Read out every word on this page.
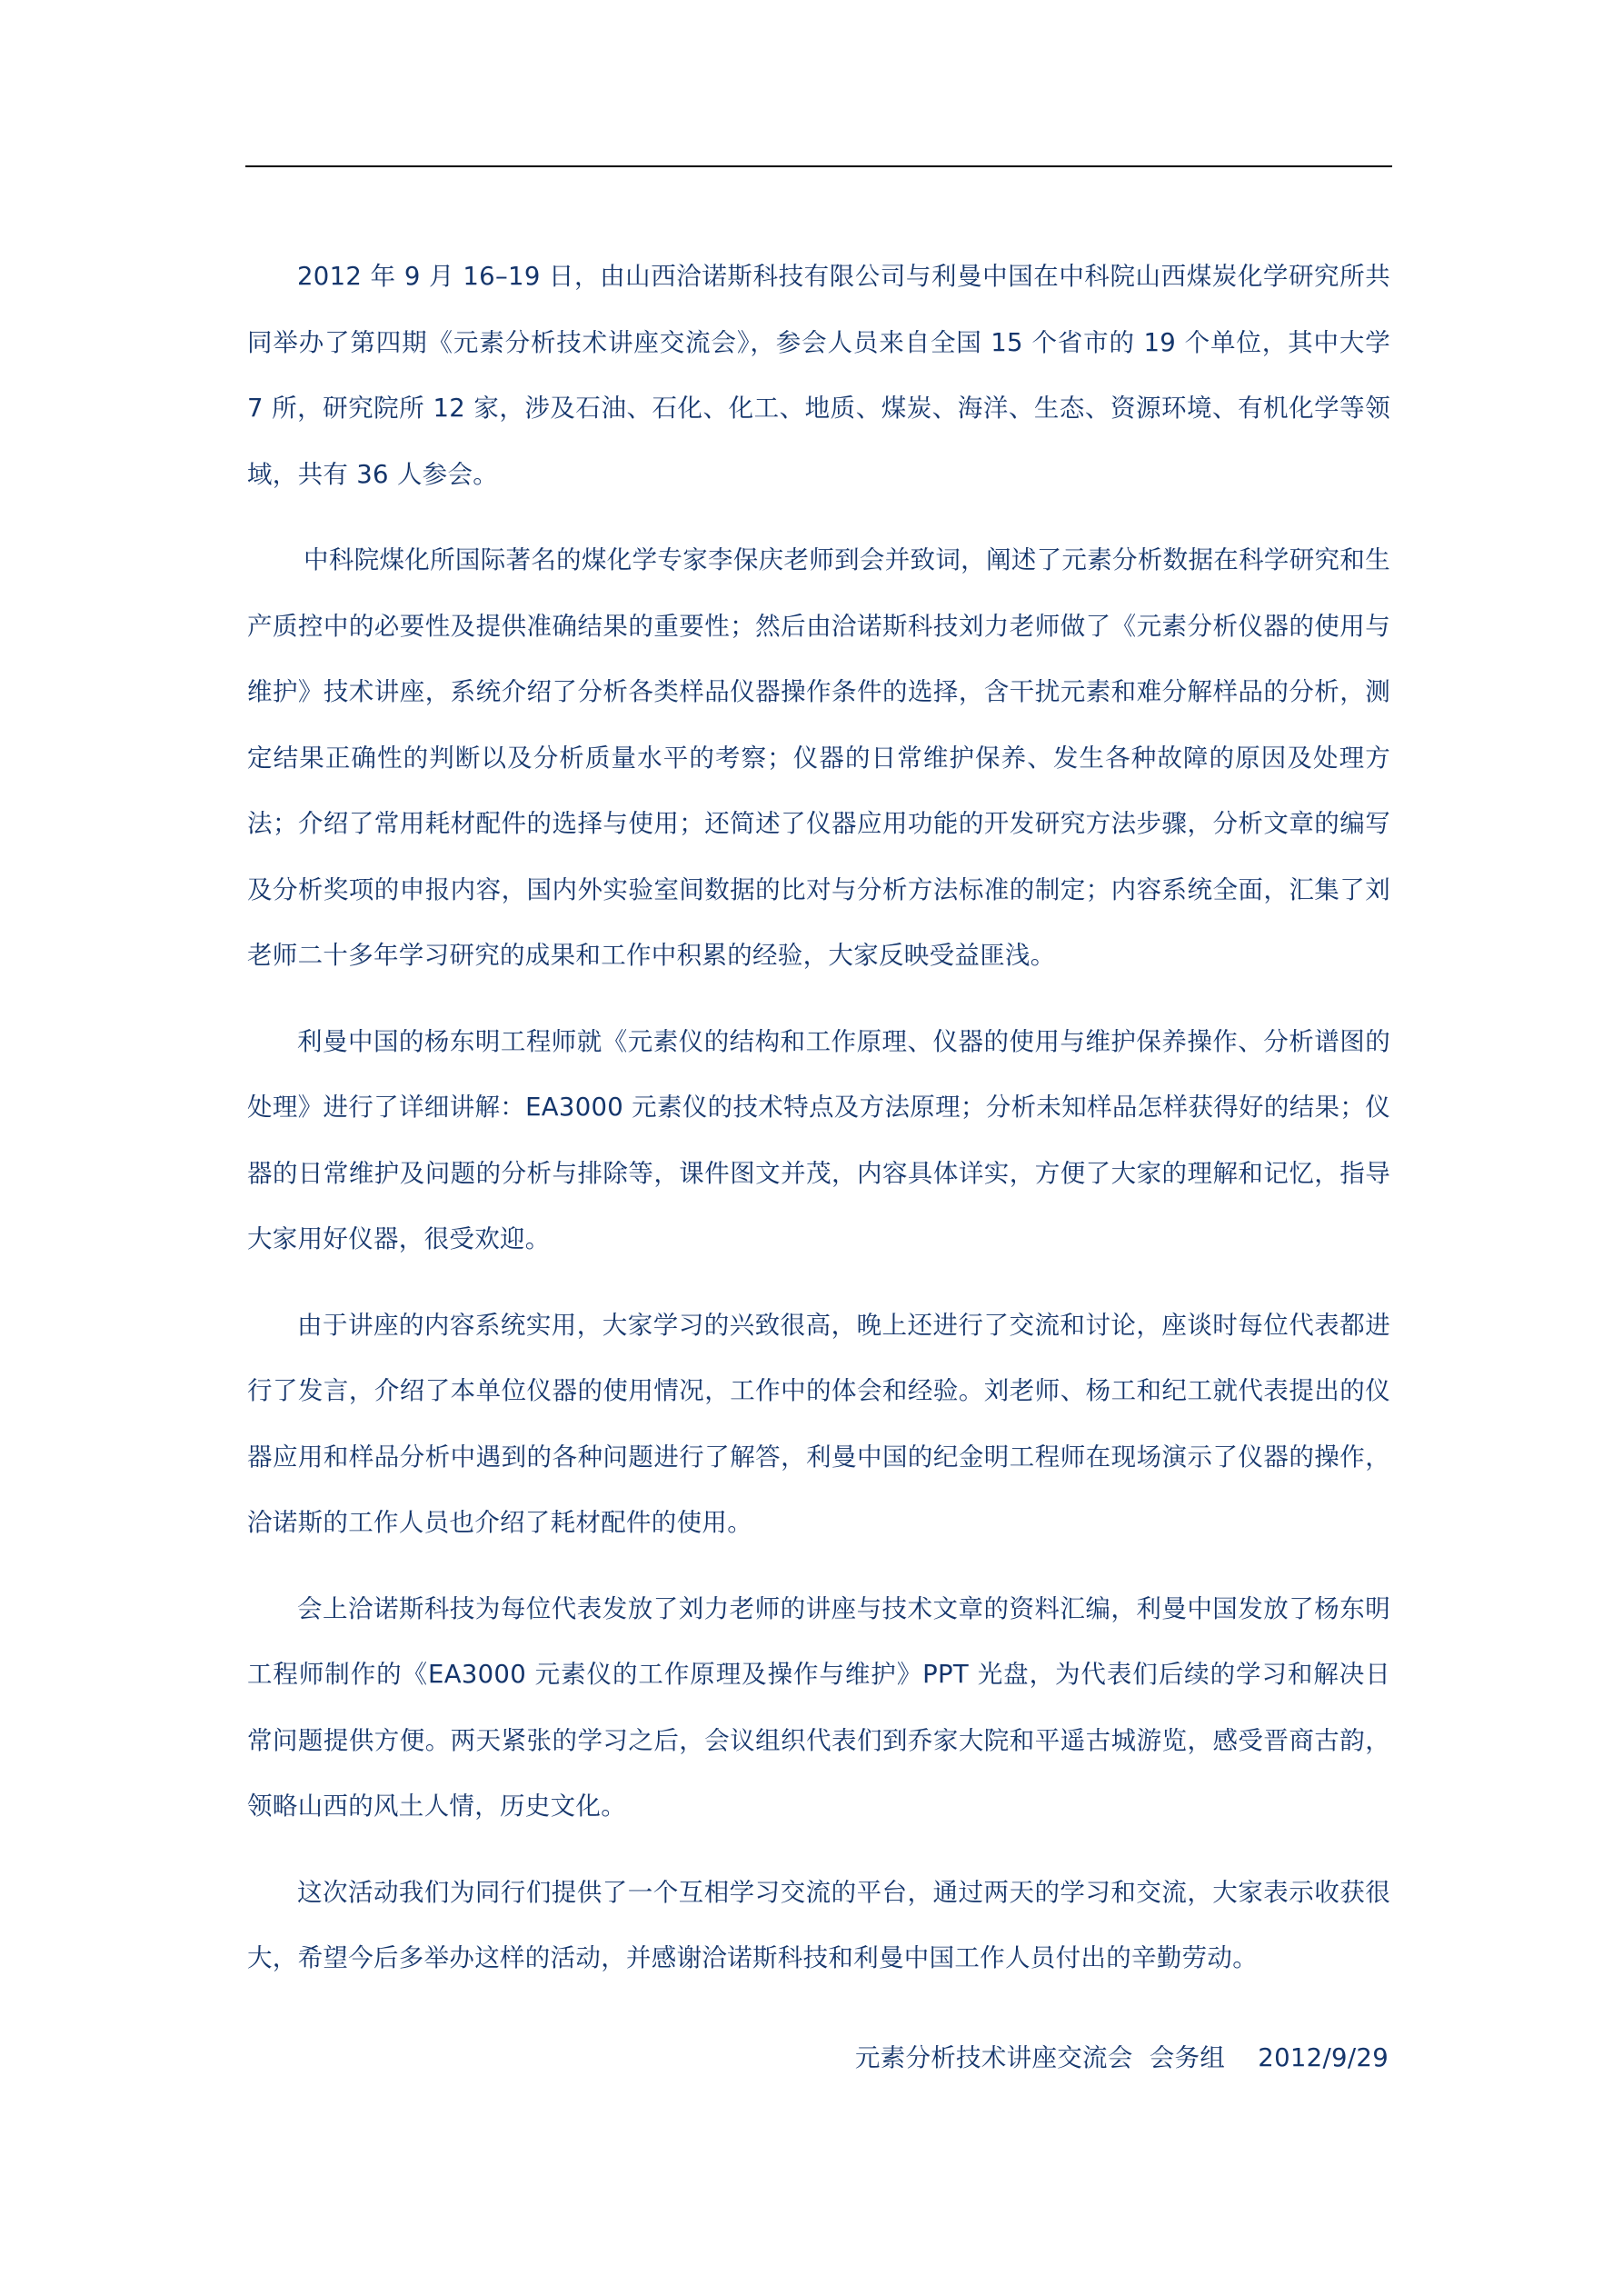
2012 年 9 月 16–19 日，由山西洽诺斯科技有限公司与利曼中国在中科院山西煤炭化学研究所共同举办了第四期《元素分析技术讲座交流会》，参会人员来自全国 15 个省市的 19 个单位，其中大学 7 所，研究院所 12 家，涉及石油、石化、化工、地质、煤炭、海洋、生态、资源环境、有机化学等领域，共有 36 人参会。

中科院煤化所国际著名的煤化学专家李保庆老师到会并致词，阐述了元素分析数据在科学研究和生产质控中的必要性及提供准确结果的重要性；然后由洽诺斯科技刘力老师做了《元素分析仪器的使用与维护》技术讲座，系统介绍了分析各类样品仪器操作条件的选择，含干扰元素和难分解样品的分析，测定结果正确性的判断以及分析质量水平的考察；仪器的日常维护保养、发生各种故障的原因及处理方法；介绍了常用耗材配件的选择与使用；还简述了仪器应用功能的开发研究方法步骤，分析文章的编写及分析奖项的申报内容，国内外实验室间数据的比对与分析方法标准的制定；内容系统全面，汇集了刘老师二十多年学习研究的成果和工作中积累的经验，大家反映受益匪浅。

利曼中国的杨东明工程师就《元素仪的结构和工作原理、仪器的使用与维护保养操作、分析谱图的处理》进行了详细讲解：EA3000 元素仪的技术特点及方法原理；分析未知样品怎样获得好的结果；仪器的日常维护及问题的分析与排除等，课件图文并茂，内容具体详实，方便了大家的理解和记忆，指导大家用好仪器，很受欢迎。

由于讲座的内容系统实用，大家学习的兴致很高，晚上还进行了交流和讨论，座谈时每位代表都进行了发言，介绍了本单位仪器的使用情况，工作中的体会和经验。刘老师、杨工和纪工就代表提出的仪器应用和样品分析中遇到的各种问题进行了解答，利曼中国的纪金明工程师在现场演示了仪器的操作，洽诺斯的工作人员也介绍了耗材配件的使用。

会上洽诺斯科技为每位代表发放了刘力老师的讲座与技术文章的资料汇编，利曼中国发放了杨东明工程师制作的《EA3000 元素仪的工作原理及操作与维护》PPT 光盘，为代表们后续的学习和解决日常问题提供方便。两天紧张的学习之后，会议组织代表们到乔家大院和平遥古城游览，感受晋商古韵，领略山西的风土人情，历史文化。

这次活动我们为同行们提供了一个互相学习交流的平台，通过两天的学习和交流，大家表示收获很大，希望今后多举办这样的活动，并感谢洽诺斯科技和利曼中国工作人员付出的辛勤劳动。

元素分析技术讲座交流会  会务组    2012/9/29
